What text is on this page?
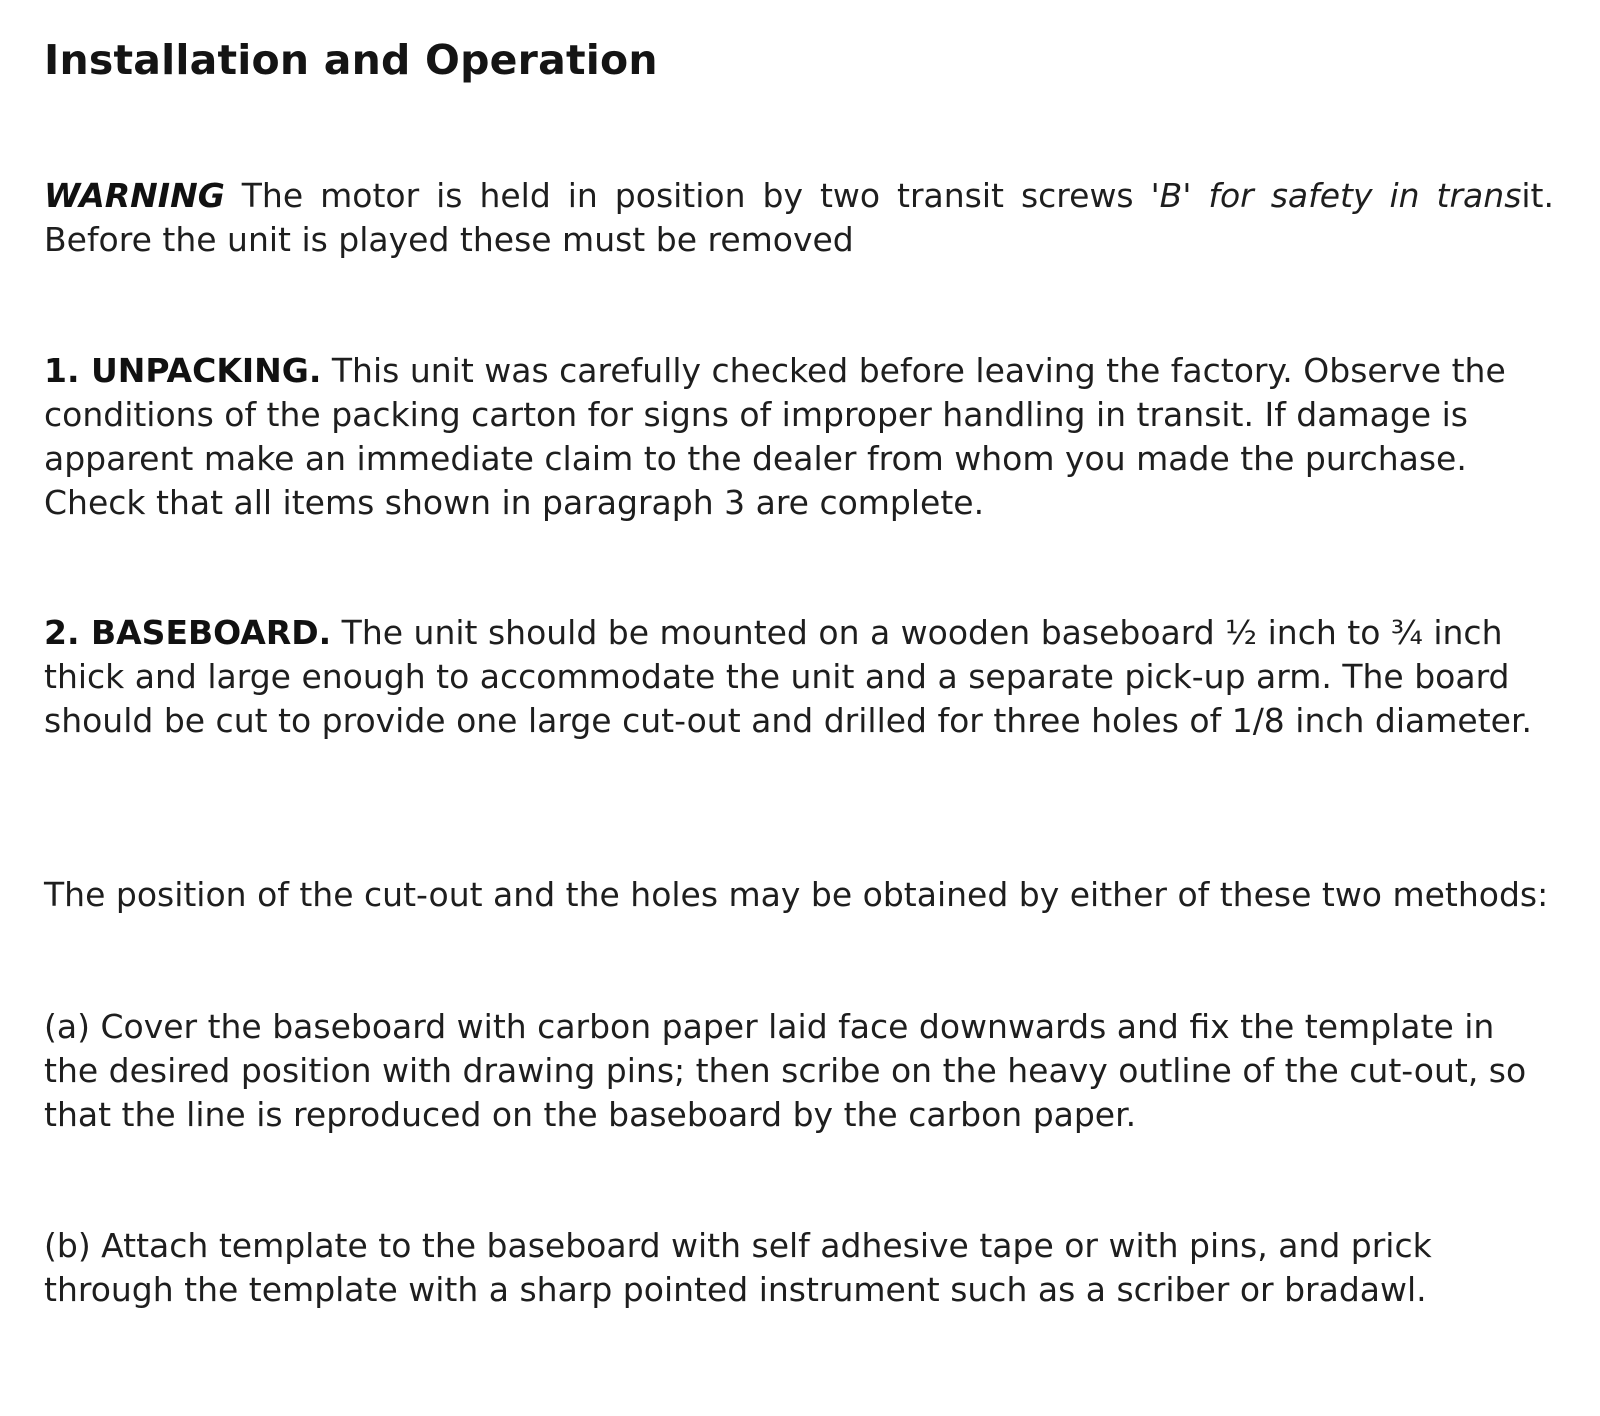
Installation and Operation

WARNING The motor is held in position by two transit screws 'B' for safety in transit. Before the unit is played these must be removed

1. UNPACKING. This unit was carefully checked before leaving the factory. Observe the conditions of the packing carton for signs of improper handling in transit. If damage is apparent make an immediate claim to the dealer from whom you made the purchase. Check that all items shown in paragraph 3 are complete.

2. BASEBOARD. The unit should be mounted on a wooden baseboard ½ inch to ¾ inch thick and large enough to accommodate the unit and a separate pick-up arm. The board should be cut to provide one large cut-out and drilled for three holes of 1/8 inch diameter.

The position of the cut-out and the holes may be obtained by either of these two methods:

(a) Cover the baseboard with carbon paper laid face downwards and fix the template in the desired position with drawing pins; then scribe on the heavy outline of the cut-out, so that the line is reproduced on the baseboard by the carbon paper.

(b) Attach template to the baseboard with self adhesive tape or with pins, and prick through the template with a sharp pointed instrument such as a scriber or bradawl.
